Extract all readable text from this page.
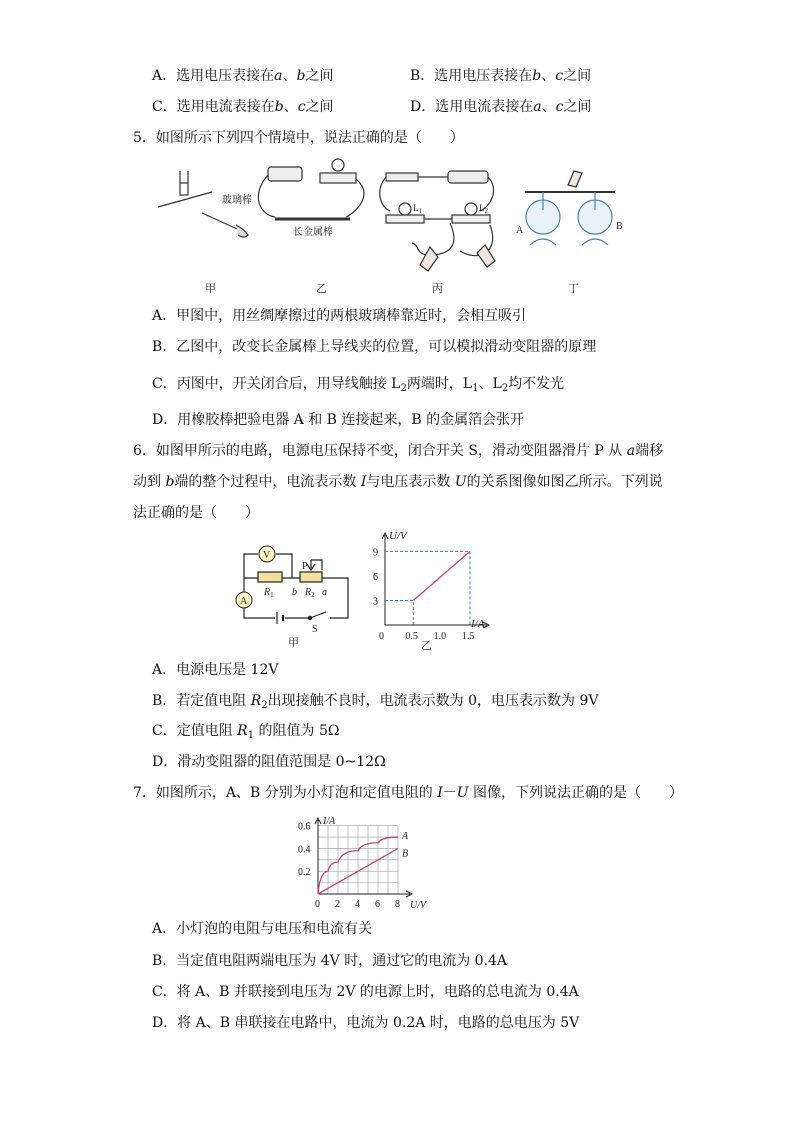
A．选用电压表接在a、b之间	B．选用电压表接在b、c之间
C．选用电流表接在b、c之间	D．选用电流表接在a、c之间
5．如图所示下列四个情境中，说法正确的是（　　）
玻璃棒
长金属棒
$L_1$	$L_2$
A	B
甲	乙	丙	丁
A．甲图中，用丝绸摩擦过的两根玻璃棒靠近时，会相互吸引
B．乙图中，改变长金属棒上导线夹的位置，可以模拟滑动变阻器的原理
C．丙图中，开关闭合后，用导线触接 $L_2$两端时，$L_1$、$L_2$均不发光
D．用橡胶棒把验电器 A 和 B 连接起来，B 的金属箔会张开
6．如图甲所示的电路，电源电压保持不变，闭合开关 S，滑动变阻器滑片 P 从 a端移
动到 b端的整个过程中，电流表示数 I与电压表示数 U的关系图像如图乙所示。下列说
法正确的是（　　）
V
A
P
$R_1$ b $R_2$ a
S
甲
U/V
I/A
9
6
3
0 0.5 1.0 1.5
乙
A．电源电压是 12V
B．若定值电阻 $R_2$出现接触不良时，电流表示数为 0，电压表示数为 9V
C．定值电阻 $R_1$ 的阻值为 5Ω
D．滑动变阻器的阻值范围是 0~12Ω
7．如图所示，A、B 分别为小灯泡和定值电阻的 I－U 图像，下列说法正确的是（　　）
I/A
U/V
0.6
0.4
0.2
0 2 4 6 8
A
B
A．小灯泡的电阻与电压和电流有关
B．当定值电阻两端电压为 4V 时，通过它的电流为 0.4A
C．将 A、B 并联接到电压为 2V 的电源上时，电路的总电流为 0.4A
D．将 A、B 串联接在电路中，电流为 0.2A 时，电路的总电压为 5V
